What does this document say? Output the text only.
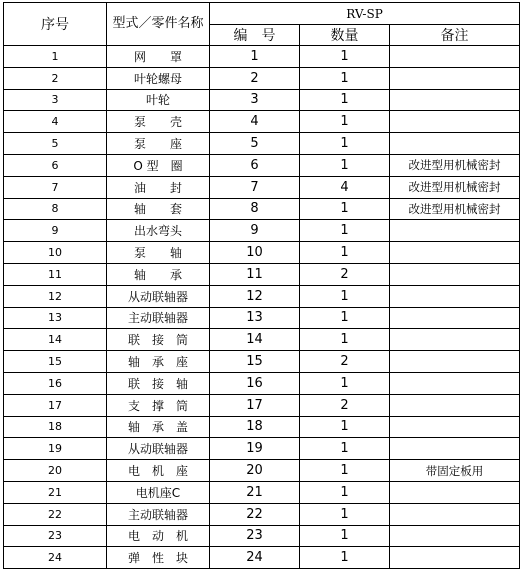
序号	型式／零件名称	RV-SP		
		编　号	数量	备注
1	网　　罩	1	1	
2	叶轮螺母	2	1	
3	叶轮	3	1	
4	泵　　壳	4	1	
5	泵　　座	5	1	
6	O 型　圈	6	1	改进型用机械密封
7	油　　封	7	4	改进型用机械密封
8	轴　　套	8	1	改进型用机械密封
9	出水弯头	9	1	
10	泵　　轴	10	1	
11	轴　　承	11	2	
12	从动联轴器	12	1	
13	主动联轴器	13	1	
14	联　接　筒	14	1	
15	轴　承　座	15	2	
16	联　接　轴	16	1	
17	支　撑　筒	17	2	
18	轴　承　盖	18	1	
19	从动联轴器	19	1	
20	电　机　座	20	1	带固定板用
21	电机座C	21	1	
22	主动联轴器	22	1	
23	电　动　机	23	1	
24	弹　性　块	24	1	
